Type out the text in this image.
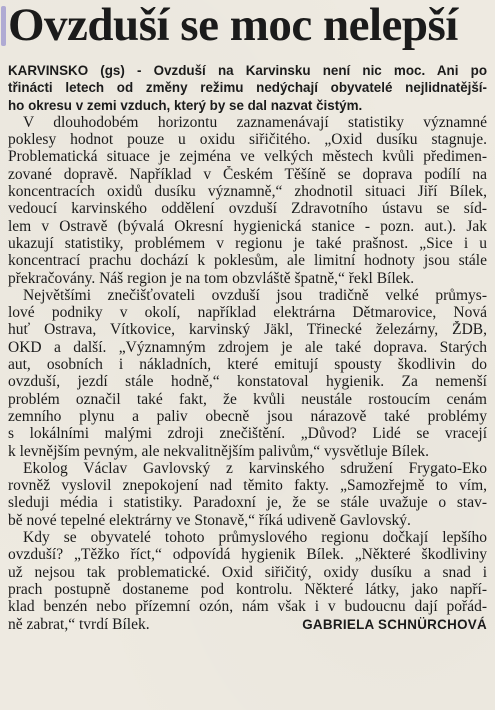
Ovzduší se moc nelepší
KARVINSKO (gs) - Ovzduší na Karvinsku není nic moc. Ani po
třinácti letech od změny režimu nedýchají obyvatelé nejlidnatější-
ho okresu v zemi vzduch, který by se dal nazvat čistým.
V dlouhodobém horizontu zaznamenávají statistiky významné
poklesy hodnot pouze u oxidu siřičitého. „Oxid dusíku stagnuje.
Problematická situace je zejména ve velkých městech kvůli předimen-
zované dopravě. Například v Českém Těšíně se doprava podílí na
koncentracích oxidů dusíku významně,“ zhodnotil situaci Jiří Bílek,
vedoucí karvinského oddělení ovzduší Zdravotního ústavu se síd-
lem v Ostravě (bývalá Okresní hygienická stanice - pozn. aut.). Jak
ukazují statistiky, problémem v regionu je také prašnost. „Sice i u
koncentrací prachu dochází k poklesům, ale limitní hodnoty jsou stále
překračovány. Náš region je na tom obzvláště špatně,“ řekl Bílek.
Největšími znečišťovateli ovzduší jsou tradičně velké průmys-
lové podniky v okolí, například elektrárna Dětmarovice, Nová
huť Ostrava, Vítkovice, karvinský Jäkl, Třinecké železárny, ŽDB,
OKD a další. „Významným zdrojem je ale také doprava. Starých
aut, osobních i nákladních, které emitují spousty škodlivin do
ovzduší, jezdí stále hodně,“ konstatoval hygienik. Za nemenší
problém označil také fakt, že kvůli neustále rostoucím cenám
zemního plynu a paliv obecně jsou nárazově také problémy
s lokálními malými zdroji znečištění. „Důvod? Lidé se vracejí
k levnějším pevným, ale nekvalitnějším palivům,“ vysvětluje Bílek.
Ekolog Václav Gavlovský z karvinského sdružení Frygato-Eko
rovněž vyslovil znepokojení nad těmito fakty. „Samozřejmě to vím,
sleduji média i statistiky. Paradoxní je, že se stále uvažuje o stav-
bě nové tepelné elektrárny ve Stonavě,“ říká udiveně Gavlovský.
Kdy se obyvatelé tohoto průmyslového regionu dočkají lepšího
ovzduší? „Těžko říct,“ odpovídá hygienik Bílek. „Některé škodliviny
už nejsou tak problematické. Oxid siřičitý, oxidy dusíku a snad i
prach postupně dostaneme pod kontrolu. Některé látky, jako napří-
klad benzén nebo přízemní ozón, nám však i v budoucnu dají pořád-
ně zabrat,“ tvrdí Bílek.	GABRIELA SCHNÜRCHOVÁ
